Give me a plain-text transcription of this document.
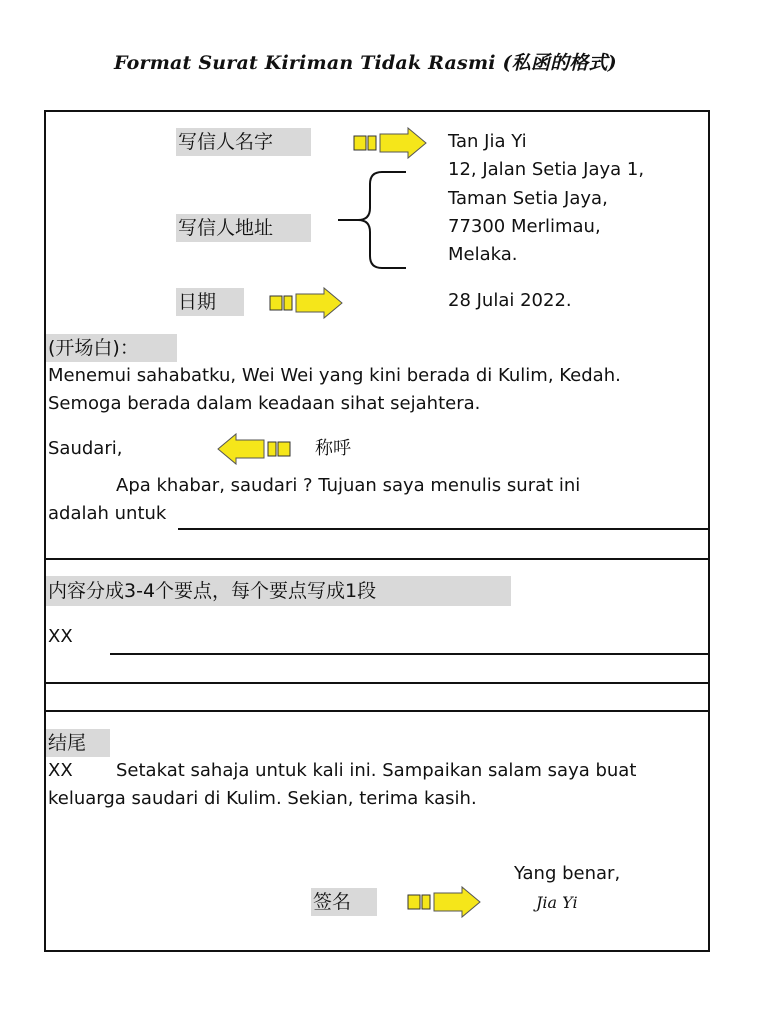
Format Surat Kiriman Tidak Rasmi (私函的格式)
写信人名字	Tan Jia Yi
写信人地址
12, Jalan Setia Jaya 1,
Taman Setia Jaya,
77300 Merlimau,
Melaka.
日期	28 Julai 2022.
(开场白)：
Menemui sahabatku, Wei Wei yang kini berada di Kulim, Kedah.
Semoga berada dalam keadaan sihat sejahtera.
Saudari,	称呼
Apa khabar, saudari ? Tujuan saya menulis surat ini
adalah untuk
内容分成3-4个要点，每个要点写成1段
XX
结尾
XX Setakat sahaja untuk kali ini. Sampaikan salam saya buat
keluarga saudari di Kulim. Sekian, terima kasih.
Yang benar,
签名	Jia Yi
